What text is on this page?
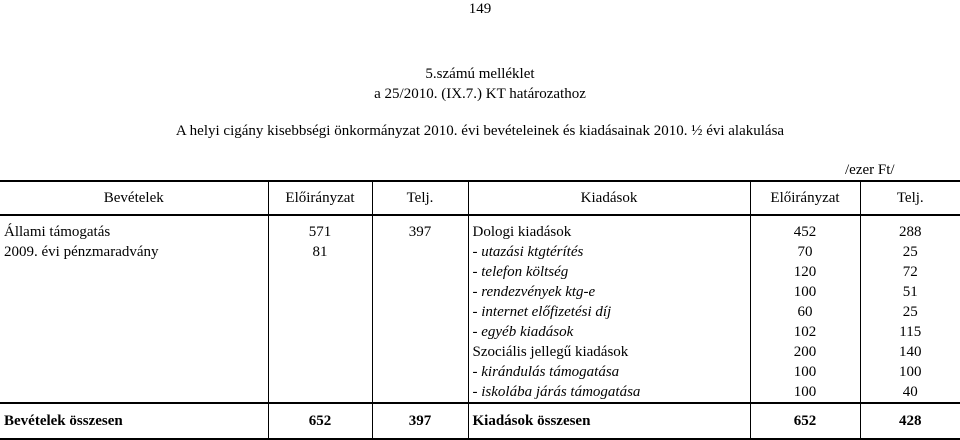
149
5.számú melléklet
a 25/2010. (IX.7.) KT határozathoz
A helyi cigány kisebbségi önkormányzat 2010. évi bevételeinek és kiadásainak 2010. ½ évi alakulása
/ezer Ft/
Bevételek	Előirányzat	Telj.	Kiadások	Előirányzat	Telj.
Állami támogatás	571	397	Dologi kiadások	452	288
2009. évi pénzmaradvány	81		- utazási ktgtérítés	70	25
			- telefon költség	120	72
			- rendezvények ktg-e	100	51
			- internet előfizetési díj	60	25
			- egyéb kiadások	102	115
			Szociális jellegű kiadások	200	140
			- kirándulás támogatása	100	100
			- iskolába járás támogatása	100	40
Bevételek összesen	652	397	Kiadások összesen	652	428
